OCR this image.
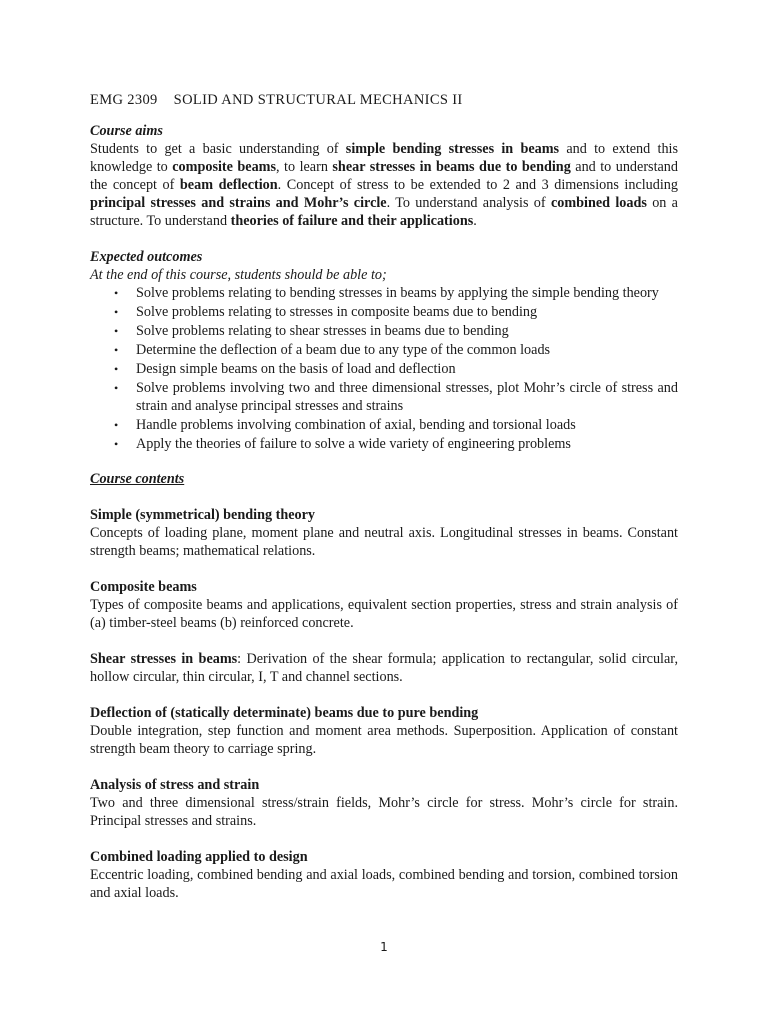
EMG 2309 SOLID AND STRUCTURAL MECHANICS II

Course aims

Students to get a basic understanding of simple bending stresses in beams and to extend this knowledge to composite beams, to learn shear stresses in beams due to bending and to understand the concept of beam deflection. Concept of stress to be extended to 2 and 3 dimensions including principal stresses and strains and Mohr’s circle. To understand analysis of combined loads on a structure. To understand theories of failure and their applications.

Expected outcomes

At the end of this course, students should be able to;

• Solve problems relating to bending stresses in beams by applying the simple bending theory
• Solve problems relating to stresses in composite beams due to bending
• Solve problems relating to shear stresses in beams due to bending
• Determine the deflection of a beam due to any type of the common loads
• Design simple beams on the basis of load and deflection
• Solve problems involving two and three dimensional stresses, plot Mohr’s circle of stress and strain and analyse principal stresses and strains
• Handle problems involving combination of axial, bending and torsional loads
• Apply the theories of failure to solve a wide variety of engineering problems

Course contents

Simple (symmetrical) bending theory

Concepts of loading plane, moment plane and neutral axis. Longitudinal stresses in beams. Constant strength beams; mathematical relations.

Composite beams

Types of composite beams and applications, equivalent section properties, stress and strain analysis of (a) timber-steel beams (b) reinforced concrete.

Shear stresses in beams: Derivation of the shear formula; application to rectangular, solid circular, hollow circular, thin circular, I, T and channel sections.

Deflection of (statically determinate) beams due to pure bending

Double integration, step function and moment area methods. Superposition. Application of constant strength beam theory to carriage spring.

Analysis of stress and strain

Two and three dimensional stress/strain fields, Mohr’s circle for stress. Mohr’s circle for strain. Principal stresses and strains.

Combined loading applied to design

Eccentric loading, combined bending and axial loads, combined bending and torsion, combined torsion and axial loads.

1
